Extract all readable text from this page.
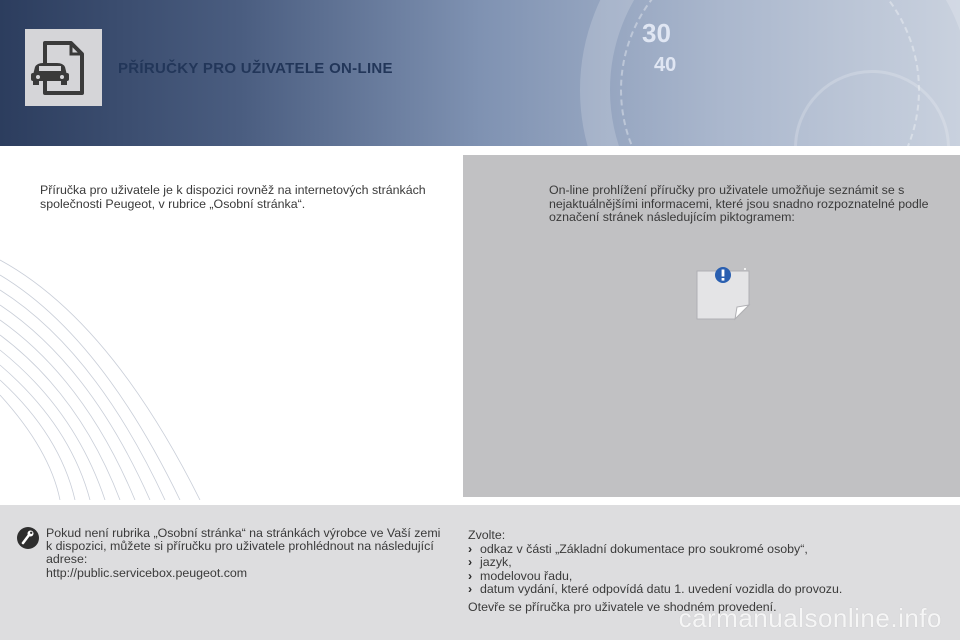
30
40
PŘÍRUČKY PRO UŽIVATELE ON-LINE

Příručka pro uživatele je k dispozici rovněž na internetových stránkách společnosti Peugeot, v rubrice „Osobní stránka“.

On-line prohlížení příručky pro uživatele umožňuje seznámit se s nejaktuálnějšími informacemi, které jsou snadno rozpoznatelné podle označení stránek následujícím piktogramem:

Pokud není rubrika „Osobní stránka“ na stránkách výrobce ve Vaší zemi k dispozici, můžete si příručku pro uživatele prohlédnout na následující adrese:
http://public.servicebox.peugeot.com

Zvolte:

› odkaz v části „Základní dokumentace pro soukromé osoby“,
› jazyk,
› modelovou řadu,
› datum vydání, které odpovídá datu 1. uvedení vozidla do provozu.

Otevře se příručka pro uživatele ve shodném provedení.

carmanualsonline.info
